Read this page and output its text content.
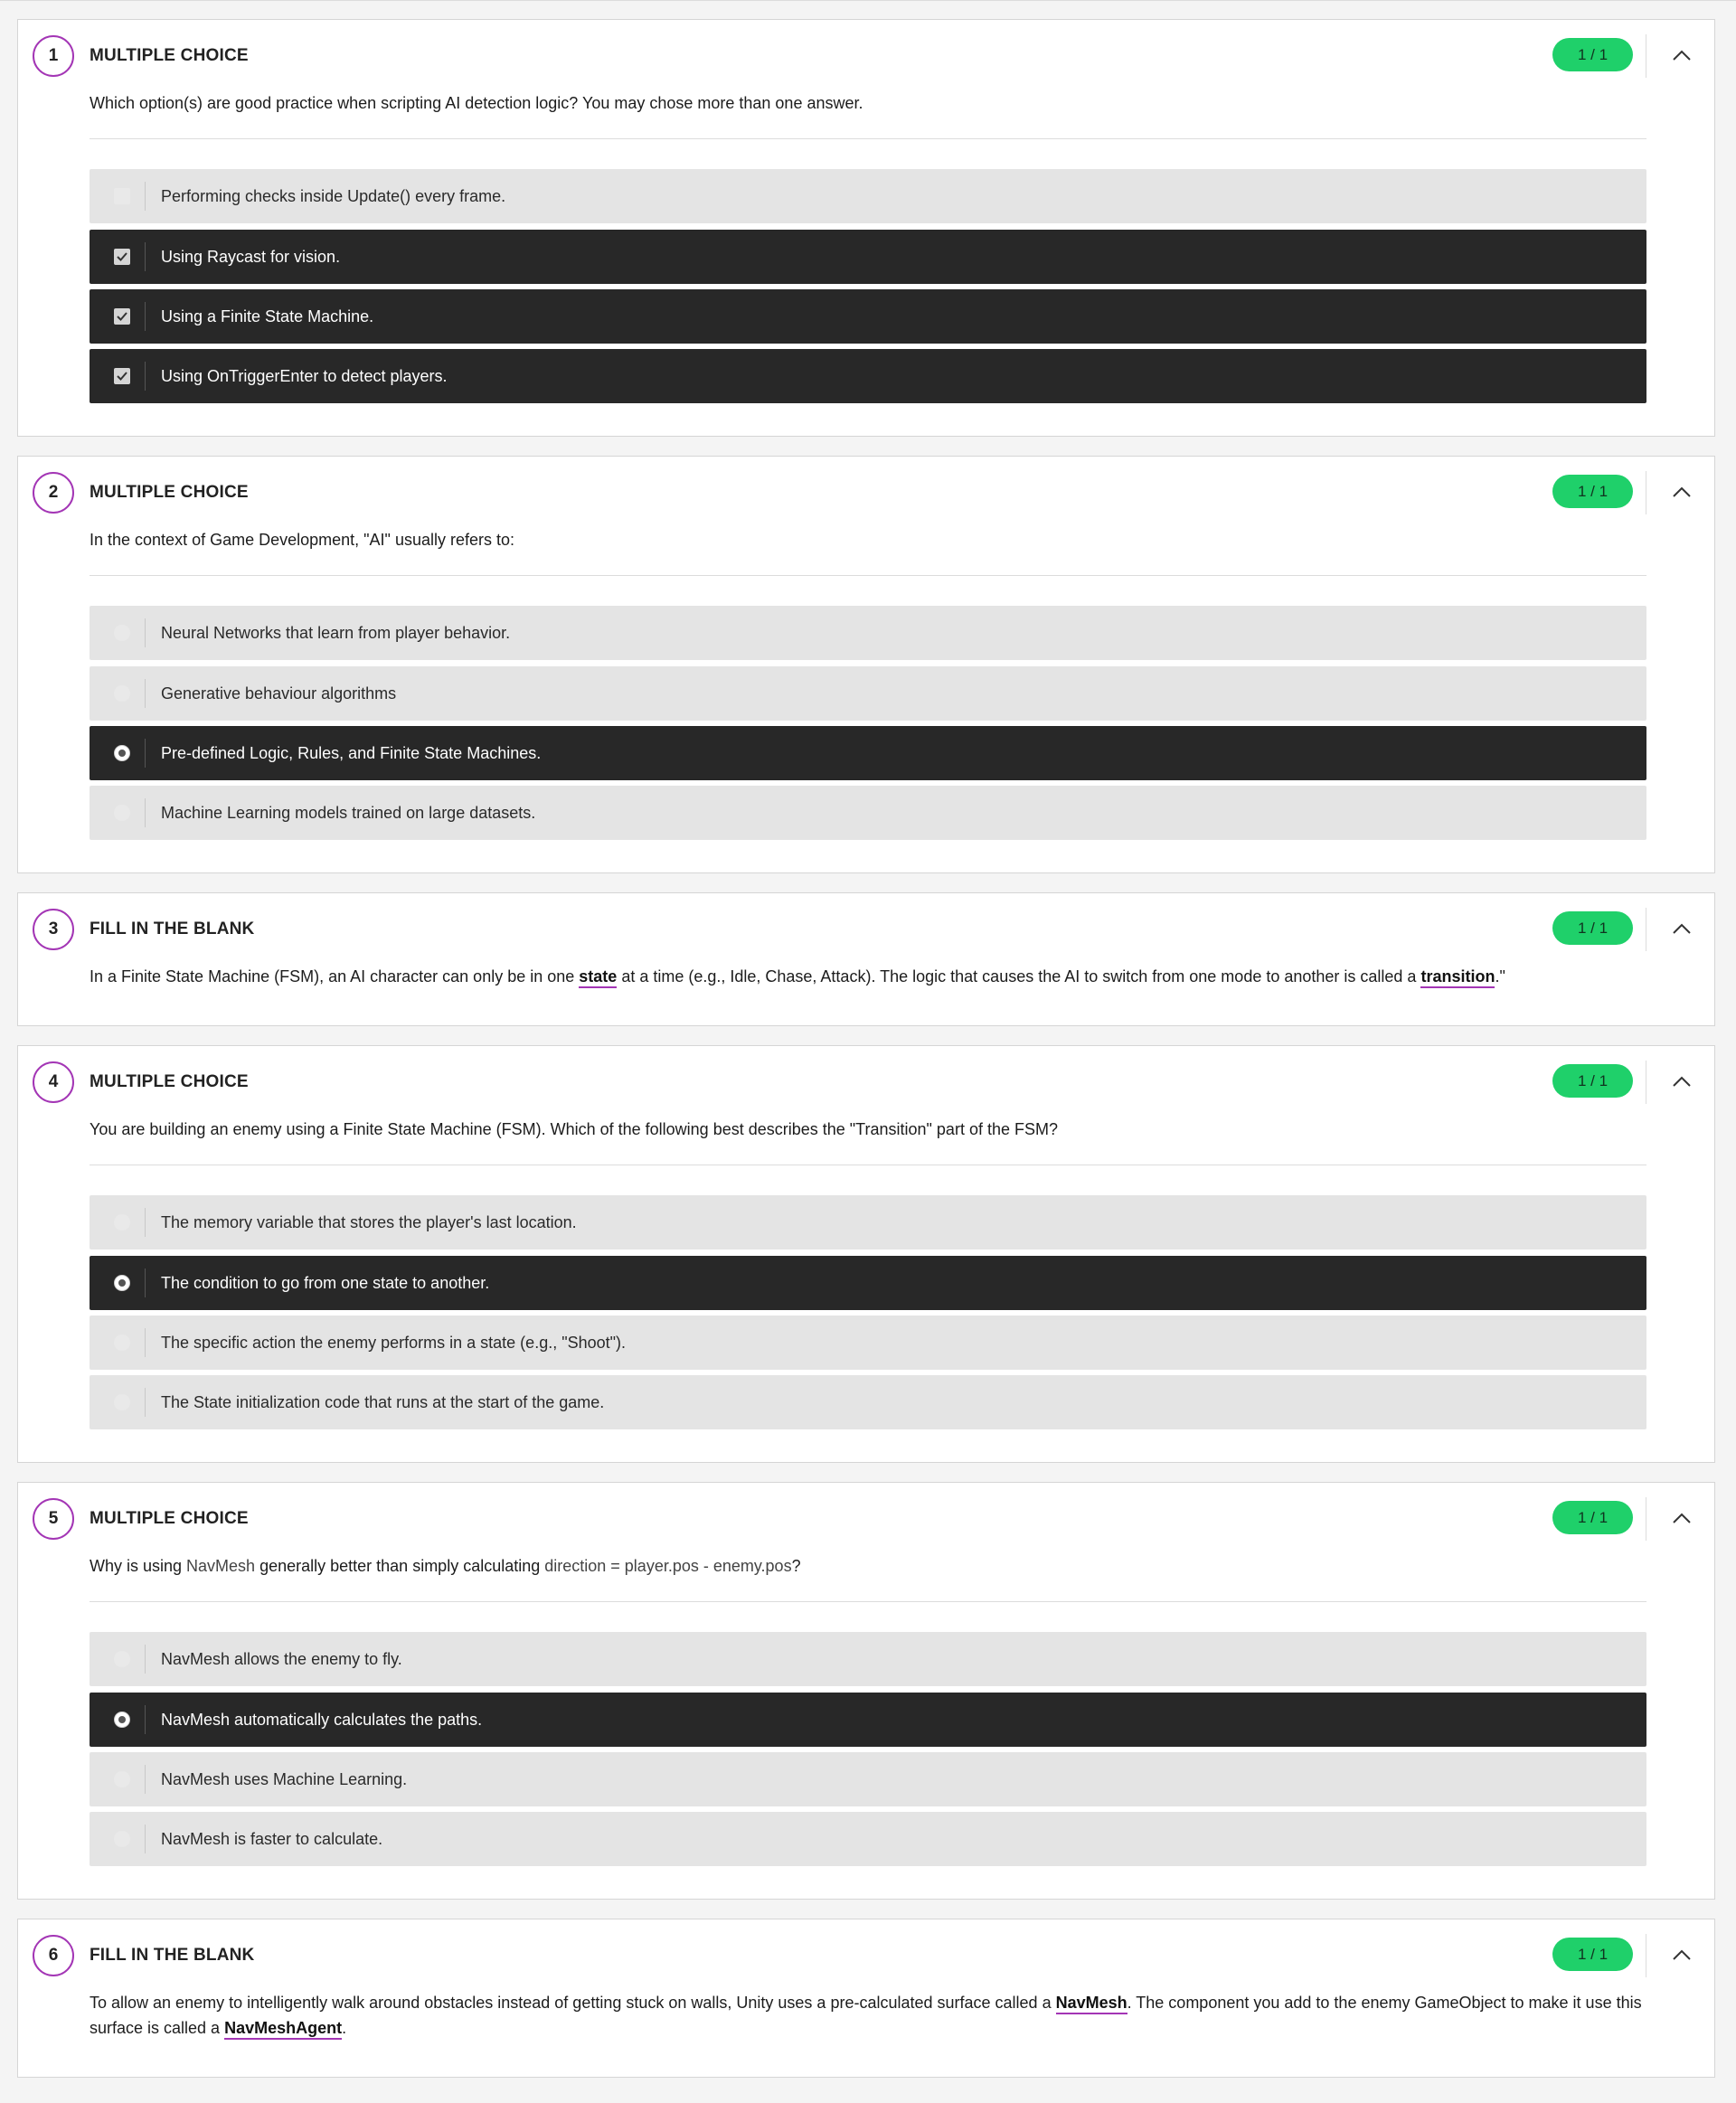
1	MULTIPLE CHOICE	1 / 1
Which option(s) are good practice when scripting AI detection logic? You may chose more than one answer.
Performing checks inside Update() every frame.
Using Raycast for vision.
Using a Finite State Machine.
Using OnTriggerEnter to detect players.
2	MULTIPLE CHOICE	1 / 1
In the context of Game Development, "AI" usually refers to:
Neural Networks that learn from player behavior.
Generative behaviour algorithms
Pre-defined Logic, Rules, and Finite State Machines.
Machine Learning models trained on large datasets.
3	FILL IN THE BLANK	1 / 1
In a Finite State Machine (FSM), an AI character can only be in one state at a time (e.g., Idle, Chase, Attack). The logic that causes the AI to switch from one mode to another is called a transition."
4	MULTIPLE CHOICE	1 / 1
You are building an enemy using a Finite State Machine (FSM). Which of the following best describes the "Transition" part of the FSM?
The memory variable that stores the player's last location.
The condition to go from one state to another.
The specific action the enemy performs in a state (e.g., "Shoot").
The State initialization code that runs at the start of the game.
5	MULTIPLE CHOICE	1 / 1
Why is using NavMesh generally better than simply calculating direction = player.pos - enemy.pos?
NavMesh allows the enemy to fly.
NavMesh automatically calculates the paths.
NavMesh uses Machine Learning.
NavMesh is faster to calculate.
6	FILL IN THE BLANK	1 / 1
To allow an enemy to intelligently walk around obstacles instead of getting stuck on walls, Unity uses a pre-calculated surface called a NavMesh. The component you add to the enemy GameObject to make it use this surface is called a NavMeshAgent.
